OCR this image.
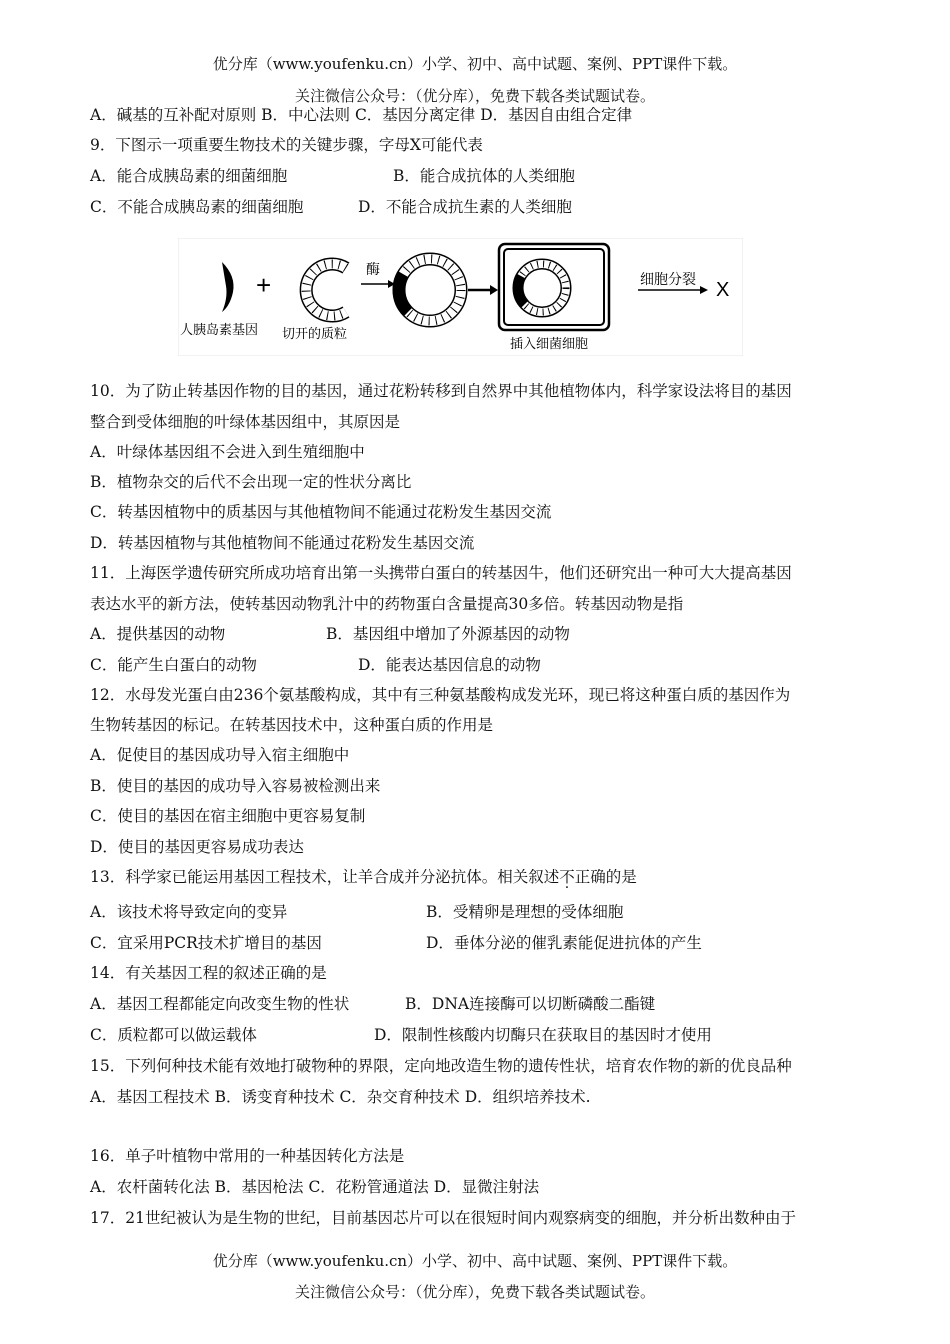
优分库（www.youfenku.cn）小学、初中、高中试题、案例、PPT课件下载。
关注微信公众号：（优分库），免费下载各类试题试卷。
A．碱基的互补配对原则 B．中心法则 C．基因分离定律 D．基因自由组合定律
9．下图示一项重要生物技术的关键步骤，字母X可能代表
A．能合成胰岛素的细菌细胞	B．能合成抗体的人类细胞
C．不能合成胰岛素的细菌细胞	D．不能合成抗生素的人类细胞
+
酶
细胞分裂 X
人胰岛素基因 切开的质粒
插入细菌细胞
10．为了防止转基因作物的目的基因，通过花粉转移到自然界中其他植物体内，科学家设法将目的基因
整合到受体细胞的叶绿体基因组中，其原因是
A．叶绿体基因组不会进入到生殖细胞中
B．植物杂交的后代不会出现一定的性状分离比
C．转基因植物中的质基因与其他植物间不能通过花粉发生基因交流
D．转基因植物与其他植物间不能通过花粉发生基因交流
11．上海医学遗传研究所成功培育出第一头携带白蛋白的转基因牛，他们还研究出一种可大大提高基因
表达水平的新方法，使转基因动物乳汁中的药物蛋白含量提高30多倍。转基因动物是指
A．提供基因的动物	B．基因组中增加了外源基因的动物
C．能产生白蛋白的动物	D．能表达基因信息的动物
12．水母发光蛋白由236个氨基酸构成，其中有三种氨基酸构成发光环，现已将这种蛋白质的基因作为
生物转基因的标记。在转基因技术中，这种蛋白质的作用是
A．促使目的基因成功导入宿主细胞中
B．使目的基因的成功导入容易被检测出来
C．使目的基因在宿主细胞中更容易复制
D．使目的基因更容易成功表达
13．科学家已能运用基因工程技术，让羊合成并分泌抗体。相关叙述不正确的是
A．该技术将导致定向的变异	B．受精卵是理想的受体细胞
C．宜采用PCR技术扩增目的基因	D．垂体分泌的催乳素能促进抗体的产生
14．有关基因工程的叙述正确的是
A．基因工程都能定向改变生物的性状	B．DNA连接酶可以切断磷酸二酯键
C．质粒都可以做运载体	D．限制性核酸内切酶只在获取目的基因时才使用
15．下列何种技术能有效地打破物种的界限，定向地改造生物的遗传性状，培育农作物的新的优良品种
A．基因工程技术 B．诱变育种技术 C．杂交育种技术 D．组织培养技术.
16．单子叶植物中常用的一种基因转化方法是
A．农杆菌转化法 B．基因枪法 C．花粉管通道法 D．显微注射法
17．21世纪被认为是生物的世纪，目前基因芯片可以在很短时间内观察病变的细胞，并分析出数种由于
优分库（www.youfenku.cn）小学、初中、高中试题、案例、PPT课件下载。
关注微信公众号：（优分库），免费下载各类试题试卷。
